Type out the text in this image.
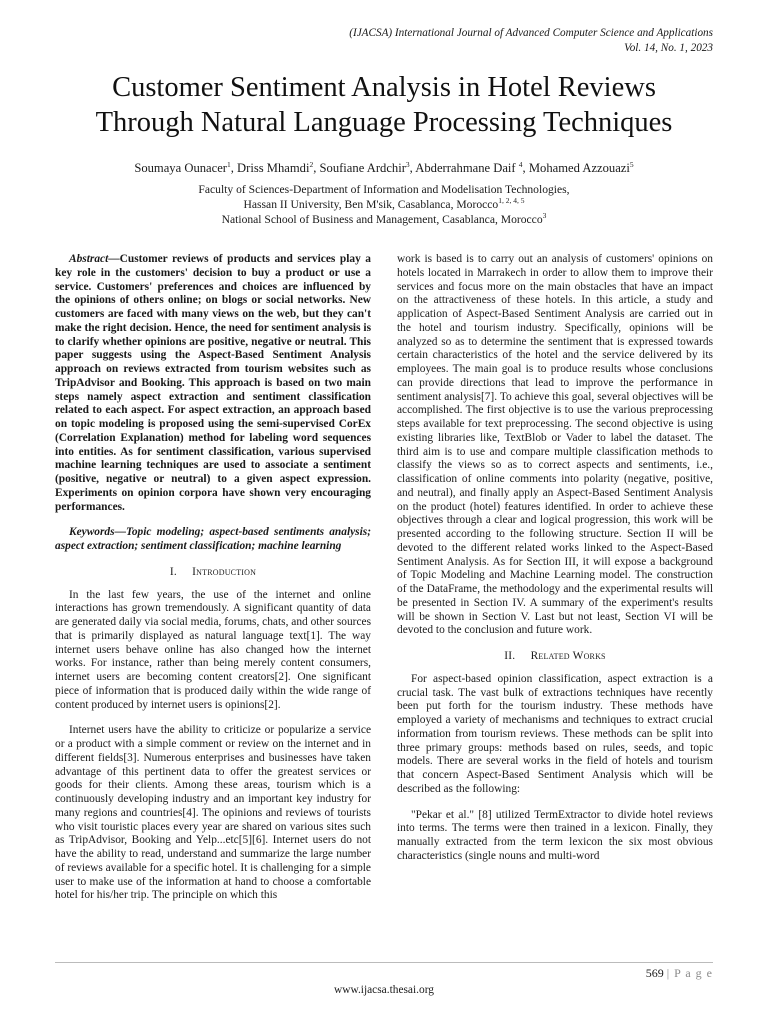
(IJACSA) International Journal of Advanced Computer Science and Applications
Vol. 14, No. 1, 2023
Customer Sentiment Analysis in Hotel Reviews
Through Natural Language Processing Techniques
Soumaya Ounacer$^1$, Driss Mhamdi$^2$, Soufiane Ardchir$^3$, Abderrahmane Daif $^4$, Mohamed Azzouazi$^5$
Faculty of Sciences-Department of Information and Modelisation Technologies,
Hassan II University, Ben M'sik, Casablanca, Morocco$^{1, 2, 4, 5}$
National School of Business and Management, Casablanca, Morocco$^3$

Abstract—Customer reviews of products and services play a key role in the customers' decision to buy a product or use a service. Customers' preferences and choices are influenced by the opinions of others online; on blogs or social networks. New customers are faced with many views on the web, but they can't make the right decision. Hence, the need for sentiment analysis is to clarify whether opinions are positive, negative or neutral. This paper suggests using the Aspect-Based Sentiment Analysis approach on reviews extracted from tourism websites such as TripAdvisor and Booking. This approach is based on two main steps namely aspect extraction and sentiment classification related to each aspect. For aspect extraction, an approach based on topic modeling is proposed using the semi-supervised CorEx (Correlation Explanation) method for labeling word sequences into entities. As for sentiment classification, various supervised machine learning techniques are used to associate a sentiment (positive, negative or neutral) to a given aspect expression. Experiments on opinion corpora have shown very encouraging performances.

Keywords—Topic modeling; aspect-based sentiments analysis; aspect extraction; sentiment classification; machine learning

I. Introduction

In the last few years, the use of the internet and online interactions has grown tremendously. A significant quantity of data are generated daily via social media, forums, chats, and other sources that is primarily displayed as natural language text[1]. The way internet users behave online has also changed how the internet works. For instance, rather than being merely content consumers, internet users are becoming content creators[2]. One significant piece of information that is produced daily within the wide range of content produced by internet users is opinions[2].

Internet users have the ability to criticize or popularize a service or a product with a simple comment or review on the internet and in different fields[3]. Numerous enterprises and businesses have taken advantage of this pertinent data to offer the greatest services or goods for their clients. Among these areas, tourism which is a continuously developing industry and an important key industry for many regions and countries[4]. The opinions and reviews of tourists who visit touristic places every year are shared on various sites such as TripAdvisor, Booking and Yelp...etc[5][6]. Internet users do not have the ability to read, understand and summarize the large number of reviews available for a specific hotel. It is challenging for a simple user to make use of the information at hand to choose a comfortable hotel for his/her trip. The principle on which this

work is based is to carry out an analysis of customers' opinions on hotels located in Marrakech in order to allow them to improve their services and focus more on the main obstacles that have an impact on the attractiveness of these hotels. In this article, a study and application of Aspect-Based Sentiment Analysis are carried out in the hotel and tourism industry. Specifically, opinions will be analyzed so as to determine the sentiment that is expressed towards certain characteristics of the hotel and the service delivered by its employees. The main goal is to produce results whose conclusions can provide directions that lead to improve the performance in sentiment analysis[7]. To achieve this goal, several objectives will be accomplished. The first objective is to use the various preprocessing steps available for text preprocessing. The second objective is using existing libraries like, TextBlob or Vader to label the dataset. The third aim is to use and compare multiple classification methods to classify the views so as to correct aspects and sentiments, i.e., classification of online comments into polarity (negative, positive, and neutral), and finally apply an Aspect-Based Sentiment Analysis on the product (hotel) features identified. In order to achieve these objectives through a clear and logical progression, this work will be presented according to the following structure. Section II will be devoted to the different related works linked to the Aspect-Based Sentiment Analysis. As for Section III, it will expose a background of Topic Modeling and Machine Learning model. The construction of the DataFrame, the methodology and the experimental results will be presented in Section IV. A summary of the experiment's results will be shown in Section V. Last but not least, Section VI will be devoted to the conclusion and future work.

II. Related Works

For aspect-based opinion classification, aspect extraction is a crucial task. The vast bulk of extractions techniques have recently been put forth for the tourism industry. These methods have employed a variety of mechanisms and techniques to extract crucial information from tourism reviews. These methods can be split into three primary groups: methods based on rules, seeds, and topic models. There are several works in the field of hotels and tourism that concern Aspect-Based Sentiment Analysis which will be described as the following:

"Pekar et al." [8] utilized TermExtractor to divide hotel reviews into terms. The terms were then trained in a lexicon. Finally, they manually extracted from the term lexicon the six most obvious characteristics (single nouns and multi-word

569 | P a g e
www.ijacsa.thesai.org
